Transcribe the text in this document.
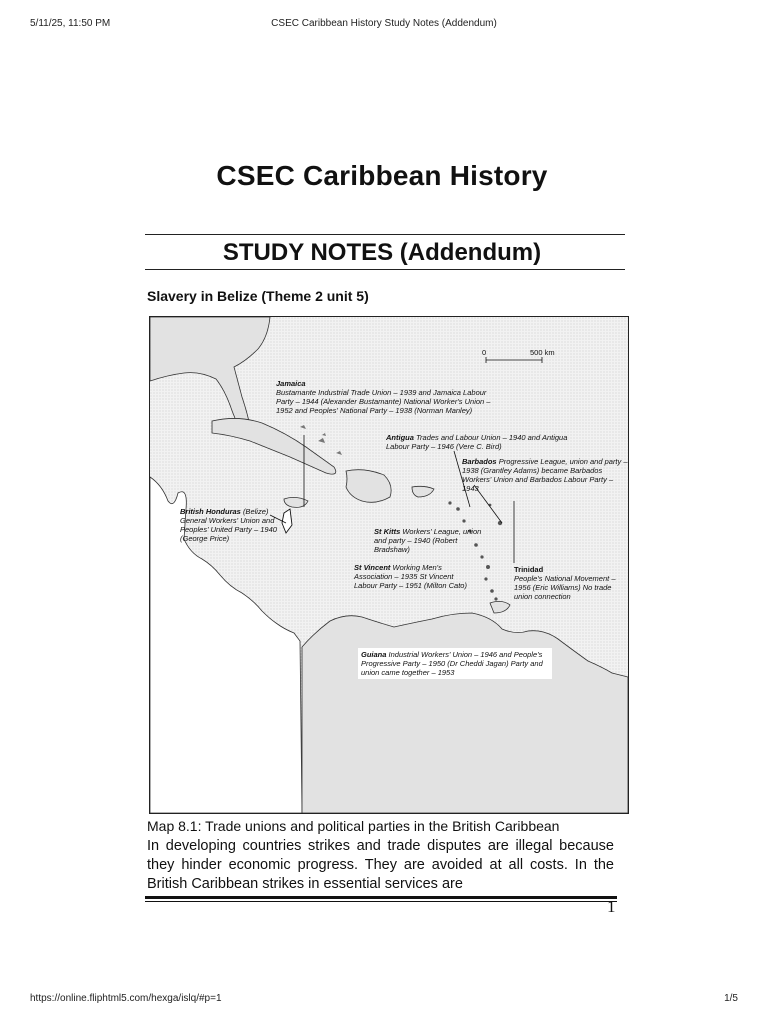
5/11/25, 11:50 PM	CSEC Caribbean History Study Notes (Addendum)
CSEC Caribbean History
STUDY NOTES (Addendum)
Slavery in Belize (Theme 2 unit 5)
0	500 km
Jamaica
Bustamante Industrial Trade Union – 1939 and Jamaica Labour Party – 1944 (Alexander Bustamante) National Worker's Union – 1952 and Peoples' National Party – 1938 (Norman Manley)
Antigua Trades and Labour Union – 1940 and Antigua Labour Party – 1946 (Vere C. Bird)
Barbados Progressive League, union and party – 1938 (Grantley Adams) became Barbados Workers' Union and Barbados Labour Party – 1943
British Honduras (Belize) General Workers' Union and Peoples' United Party – 1940 (George Price)
St Kitts Workers' League, union and party – 1940 (Robert Bradshaw)
St Vincent Working Men's Association – 1935 St Vincent Labour Party – 1951 (Milton Cato)
Trinidad
People's National Movement – 1956 (Eric Williams) No trade union connection
Guiana Industrial Workers' Union – 1946 and People's Progressive Party – 1950 (Dr Cheddi Jagan) Party and union came together – 1953
Map 8.1: Trade unions and political parties in the British Caribbean
In developing countries strikes and trade disputes are illegal because they hinder economic progress. They are avoided at all costs. In the British Caribbean strikes in essential services are
1
https://online.fliphtml5.com/hexga/islq/#p=1	1/5
